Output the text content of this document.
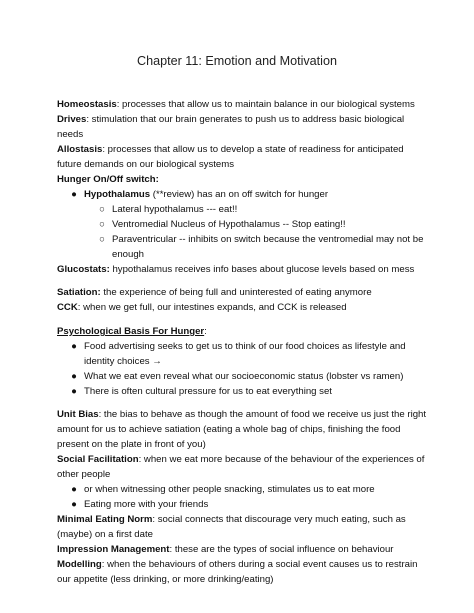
Chapter 11: Emotion and Motivation
Homeostasis: processes that allow us to maintain balance in our biological systems
Drives: stimulation that our brain generates to push us to address basic biological
needs
Allostasis: processes that allow us to develop a state of readiness for anticipated
future demands on our biological systems
Hunger On/Off switch:
● Hypothalamus (**review) has an on off switch for hunger
○ Lateral hypothalamus --- eat!!
○ Ventromedial Nucleus of Hypothalamus -- Stop eating!!
○ Paraventricular -- inhibits on switch because the ventromedial may not be
enough
Glucostats: hypothalamus receives info bases about glucose levels based on mess
Satiation: the experience of being full and uninterested of eating anymore
CCK: when we get full, our intestines expands, and CCK is released
Psychological Basis For Hunger:
● Food advertising seeks to get us to think of our food choices as lifestyle and
identity choices →
● What we eat even reveal what our socioeconomic status (lobster vs ramen)
● There is often cultural pressure for us to eat everything set
Unit Bias: the bias to behave as though the amount of food we receive us just the right
amount for us to achieve satiation (eating a whole bag of chips, finishing the food
present on the plate in front of you)
Social Facilitation: when we eat more because of the behaviour of the experiences of
other people
● or when witnessing other people snacking, stimulates us to eat more
● Eating more with your friends
Minimal Eating Norm: social connects that discourage very much eating, such as
(maybe) on a first date
Impression Management: these are the types of social influence on behaviour
Modelling: when the behaviours of others during a social event causes us to restrain
our appetite (less drinking, or more drinking/eating)
